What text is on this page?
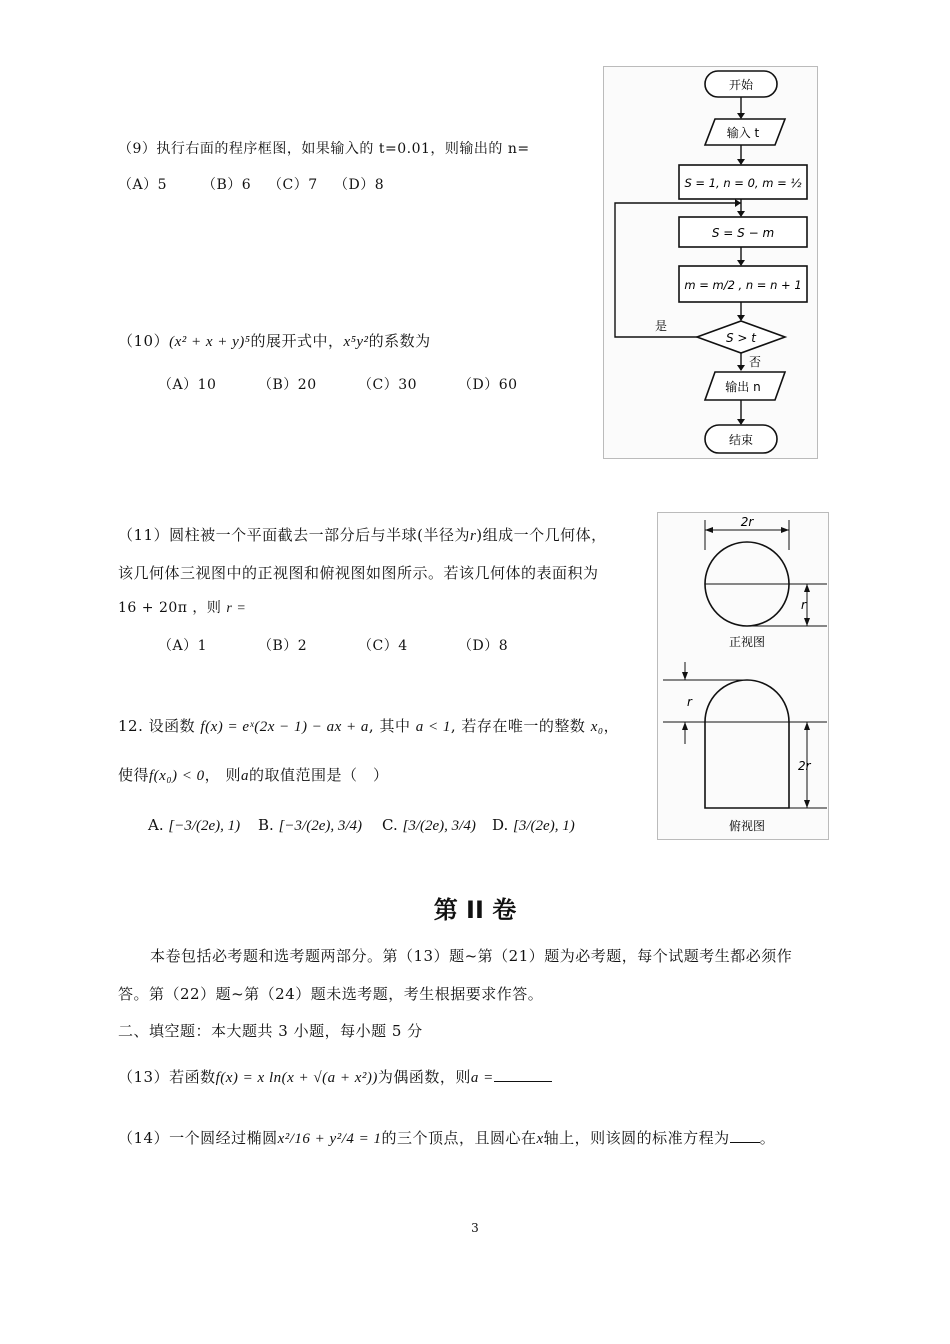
（9）执行右面的程序框图，如果输入的 t=0.01，则输出的 n=
（A）5 （B）6 （C）7 （D）8
（10）(x² + x + y)⁵的展开式中，x⁵y²的系数为
（A）10	（B）20	（C）30	（D）60
开始
输入 t
S = 1, n = 0, m = ½
S = S − m
m = m/2 , n = n + 1
S > t
是
否
输出 n
结束
（11）圆柱被一个平面截去一部分后与半球(半径为r)组成一个几何体，
该几何体三视图中的正视图和俯视图如图所示。若该几何体的表面积为
16 + 20π ，则 r =
（A）1	（B）2	（C）4	（D）8
2r
r
正视图
r
2r
俯视图
12. 设函数 f(x) = eˣ(2x − 1) − ax + a, 其中 a < 1, 若存在唯一的整数 x₀，
使得f(x₀) < 0， 则a的取值范围是（　）
A. [−3/(2e), 1) B. [−3/(2e), 3/4) C. [3/(2e), 3/4) D. [3/(2e), 1)
第 II 卷
本卷包括必考题和选考题两部分。第（13）题~第（21）题为必考题，每个试题考生都必须作
答。第（22）题~第（24）题未选考题，考生根据要求作答。
二、填空题：本大题共 3 小题，每小题 5 分
（13）若函数f(x) = x ln(x + √(a + x²))为偶函数，则a =
（14）一个圆经过椭圆x²/16 + y²/4 = 1的三个顶点，且圆心在x轴上，则该圆的标准方程为 。
3
